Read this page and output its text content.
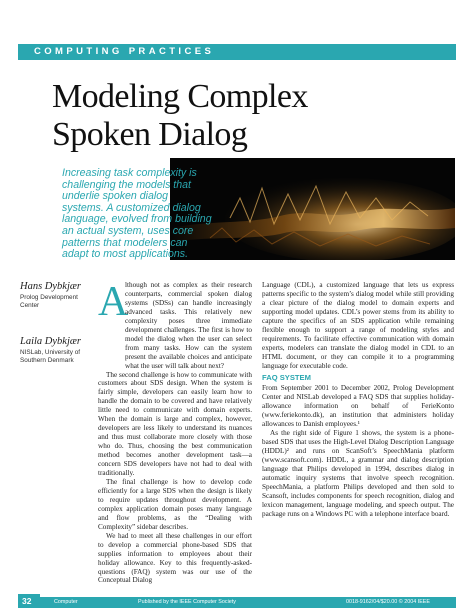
COMPUTING PRACTICES
Modeling Complex
Spoken Dialog
Increasing task complexity is challenging the models that underlie spoken dialog systems. A customized dialog language, evolved from building an actual system, uses core patterns that modelers can adapt to most applications.
Hans Dybkjær
Prolog Development Center
Laila Dybkjær
NISLab, University of Southern Denmark
A

lthough not as complex as their research counterparts, commercial spoken dialog systems (SDSs) can handle increasingly advanced tasks. This relatively new complexity poses three immediate development challenges. The first is how to model the dialog when the user can select from many tasks. How can the system present the available choices and anticipate what the user will talk about next?

The second challenge is how to communicate with customers about SDS design. When the system is fairly simple, developers can easily learn how to handle the domain to be covered and have relatively little need to communicate with domain experts. When the domain is large and complex, however, developers are less likely to understand its nuances and thus must collaborate more closely with those who do. Thus, choosing the best communication method becomes another development task—a concern SDS developers have not had to deal with traditionally.

The final challenge is how to develop code efficiently for a large SDS when the design is likely to require updates throughout development. A complex application domain poses many language and flow problems, as the “Dealing with Complexity” sidebar describes.

We had to meet all these challenges in our effort to develop a commercial phone-based SDS that supplies information to employees about their holiday allowance. Key to this frequently-asked-questions (FAQ) system was our use of the Conceptual Dialog

Language (CDL), a customized language that lets us express patterns specific to the system’s dialog model while still providing a clear picture of the dialog model to domain experts and supporting model updates. CDL’s power stems from its ability to capture the specifics of an SDS application while remaining flexible enough to support a range of modeling styles and requirements. To facilitate effective communication with domain experts, modelers can translate the dialog model in CDL to an HTML document, or they can compile it to a programming language for executable code.

FAQ SYSTEM

From September 2001 to December 2002, Prolog Development Center and NISLab developed a FAQ SDS that supplies holiday-allowance information on behalf of FerieKonto (www.feriekonto.dk), an institution that administers holiday allowances to Danish employees.¹

As the right side of Figure 1 shows, the system is a phone-based SDS that uses the High-Level Dialog Description Language (HDDL)² and runs on ScanSoft’s SpeechMania platform (www.scansoft.com). HDDL, a grammar and dialog description language that Philips developed in 1994, describes dialog in automatic inquiry systems that involve speech recognition. SpeechMania, a platform Philips developed and then sold to Scansoft, includes components for speech recognition, dialog and lexicon management, language modeling, and speech output. The package runs on a Windows PC with a telephone interface board.

Computer	Published by the IEEE Computer Society	0018-9162/04/$20.00 © 2004 IEEE
32
